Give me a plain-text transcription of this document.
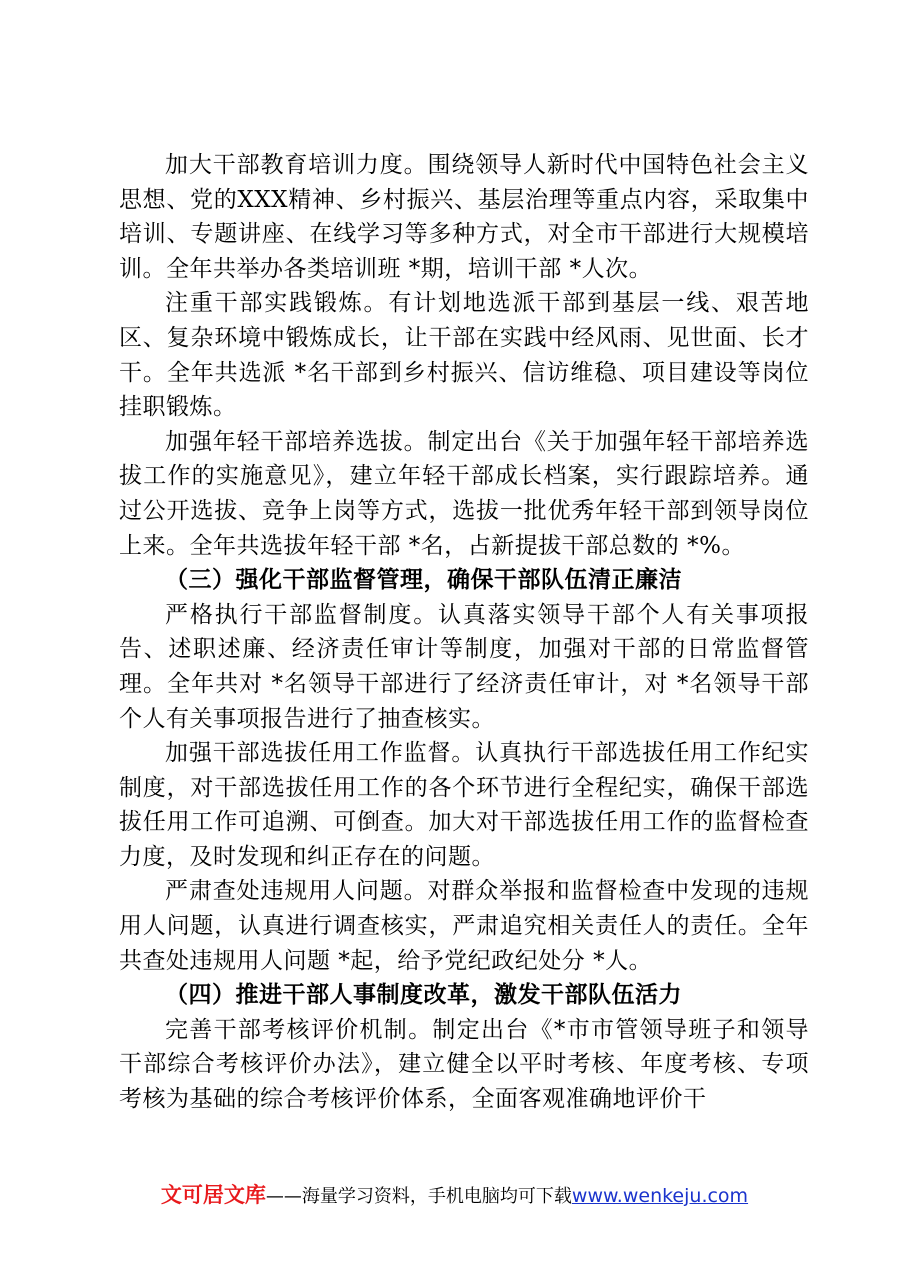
加大干部教育培训力度。围绕领导人新时代中国特色社会主义思想、党的XXX精神、乡村振兴、基层治理等重点内容，采取集中培训、专题讲座、在线学习等多种方式，对全市干部进行大规模培训。全年共举办各类培训班 *期，培训干部 *人次。

注重干部实践锻炼。有计划地选派干部到基层一线、艰苦地区、复杂环境中锻炼成长，让干部在实践中经风雨、见世面、长才干。全年共选派 *名干部到乡村振兴、信访维稳、项目建设等岗位挂职锻炼。

加强年轻干部培养选拔。制定出台《关于加强年轻干部培养选拔工作的实施意见》，建立年轻干部成长档案，实行跟踪培养。通过公开选拔、竞争上岗等方式，选拔一批优秀年轻干部到领导岗位上来。全年共选拔年轻干部 *名，占新提拔干部总数的 *%。

（三）强化干部监督管理，确保干部队伍清正廉洁

严格执行干部监督制度。认真落实领导干部个人有关事项报告、述职述廉、经济责任审计等制度，加强对干部的日常监督管理。全年共对 *名领导干部进行了经济责任审计，对 *名领导干部个人有关事项报告进行了抽查核实。

加强干部选拔任用工作监督。认真执行干部选拔任用工作纪实制度，对干部选拔任用工作的各个环节进行全程纪实，确保干部选拔任用工作可追溯、可倒查。加大对干部选拔任用工作的监督检查力度，及时发现和纠正存在的问题。

严肃查处违规用人问题。对群众举报和监督检查中发现的违规用人问题，认真进行调查核实，严肃追究相关责任人的责任。全年共查处违规用人问题 *起，给予党纪政纪处分 *人。

（四）推进干部人事制度改革，激发干部队伍活力

完善干部考核评价机制。制定出台《*市市管领导班子和领导干部综合考核评价办法》，建立健全以平时考核、年度考核、专项考核为基础的综合考核评价体系，全面客观准确地评价干

文可居文库——海量学习资料，手机电脑均可下载www.wenkeju.com
